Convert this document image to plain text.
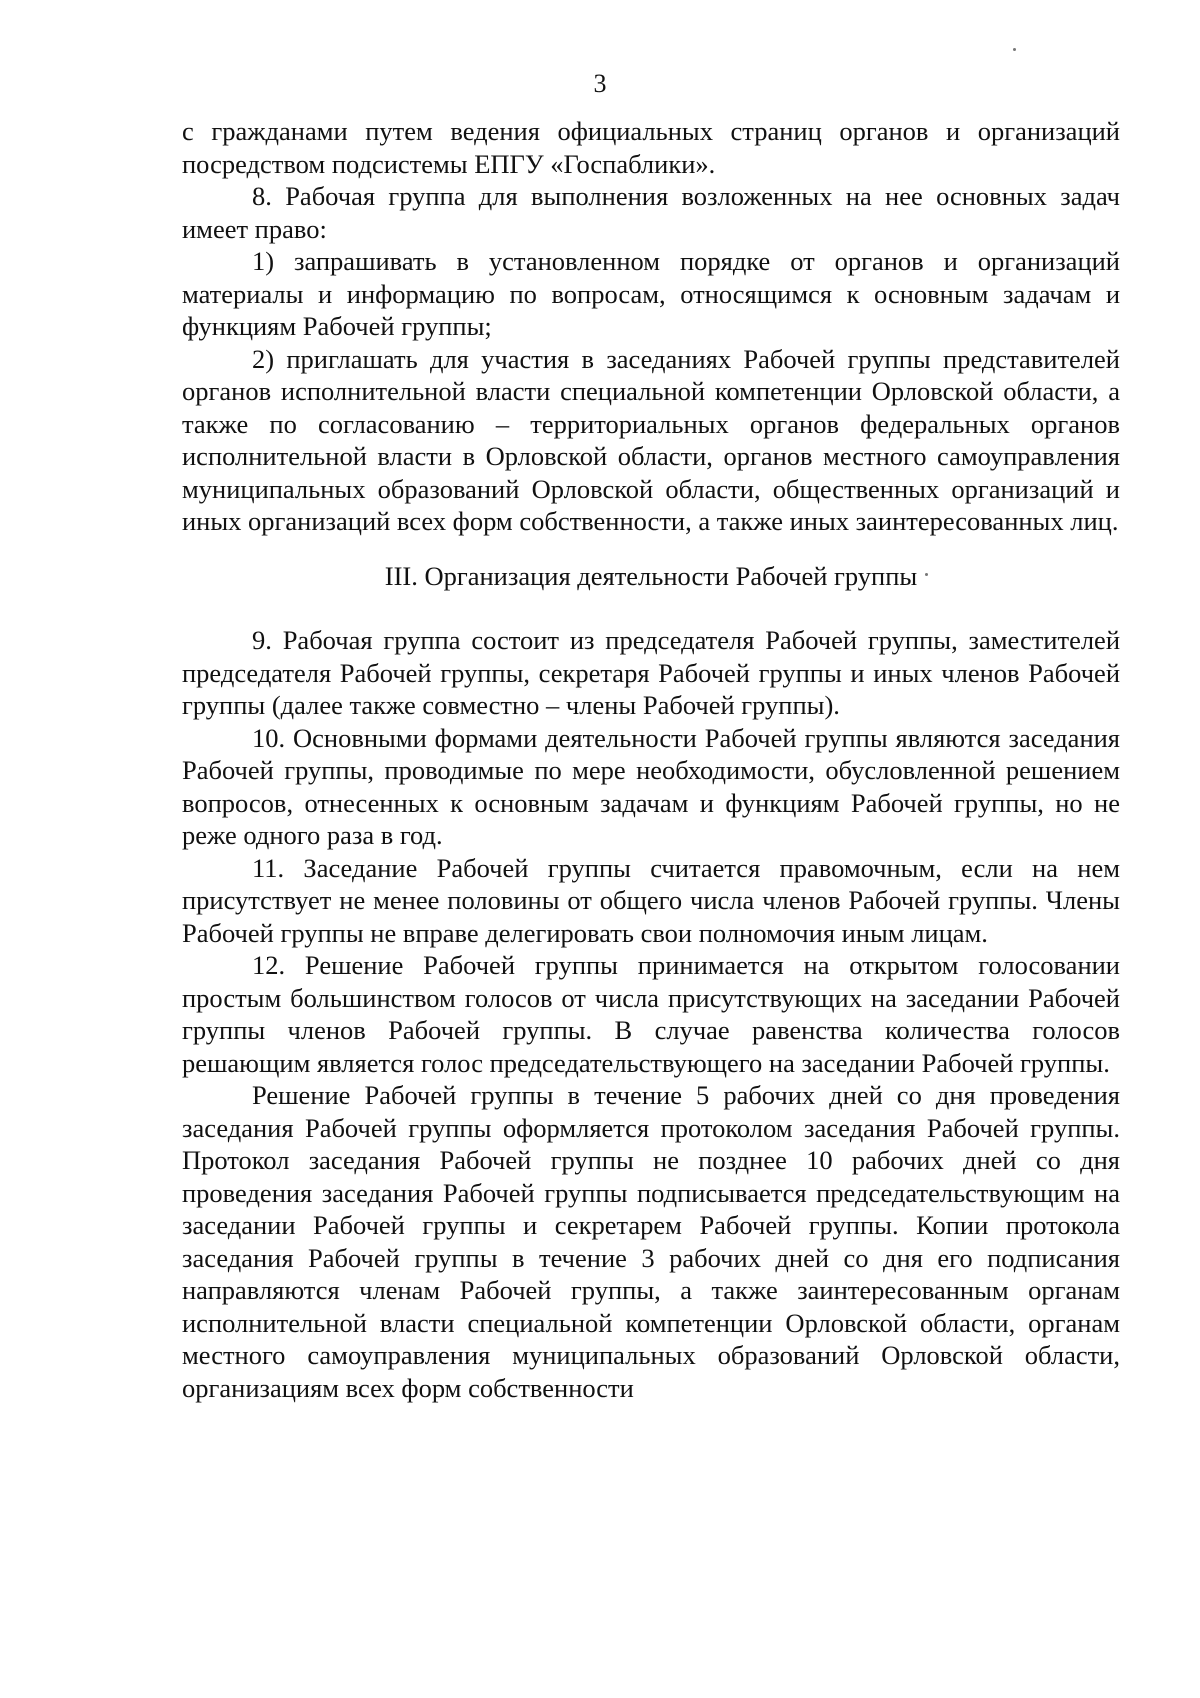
3

с гражданами путем ведения официальных страниц органов и организаций посредством подсистемы ЕПГУ «Госпаблики».

8. Рабочая группа для выполнения возложенных на нее основных задач имеет право:

1) запрашивать в установленном порядке от органов и организаций материалы и информацию по вопросам, относящимся к основным задачам и функциям Рабочей группы;

2) приглашать для участия в заседаниях Рабочей группы представителей органов исполнительной власти специальной компетенции Орловской области, а также по согласованию – территориальных органов федеральных органов исполнительной власти в Орловской области, органов местного самоуправления муниципальных образований Орловской области, общественных организаций и иных организаций всех форм собственности, а также иных заинтересованных лиц.

III. Организация деятельности Рабочей группы

9. Рабочая группа состоит из председателя Рабочей группы, заместителей председателя Рабочей группы, секретаря Рабочей группы и иных членов Рабочей группы (далее также совместно – члены Рабочей группы).

10. Основными формами деятельности Рабочей группы являются заседания Рабочей группы, проводимые по мере необходимости, обусловленной решением вопросов, отнесенных к основным задачам и функциям Рабочей группы, но не реже одного раза в год.

11. Заседание Рабочей группы считается правомочным, если на нем присутствует не менее половины от общего числа членов Рабочей группы. Члены Рабочей группы не вправе делегировать свои полномочия иным лицам.

12. Решение Рабочей группы принимается на открытом голосовании простым большинством голосов от числа присутствующих на заседании Рабочей группы членов Рабочей группы. В случае равенства количества голосов решающим является голос председательствующего на заседании Рабочей группы.

Решение Рабочей группы в течение 5 рабочих дней со дня проведения заседания Рабочей группы оформляется протоколом заседания Рабочей группы. Протокол заседания Рабочей группы не позднее 10 рабочих дней со дня проведения заседания Рабочей группы подписывается председательствующим на заседании Рабочей группы и секретарем Рабочей группы. Копии протокола заседания Рабочей группы в течение 3 рабочих дней со дня его подписания направляются членам Рабочей группы, а также заинтересованным органам исполнительной власти специальной компетенции Орловской области, органам местного самоуправления муниципальных образований Орловской области, организациям всех форм собственности
